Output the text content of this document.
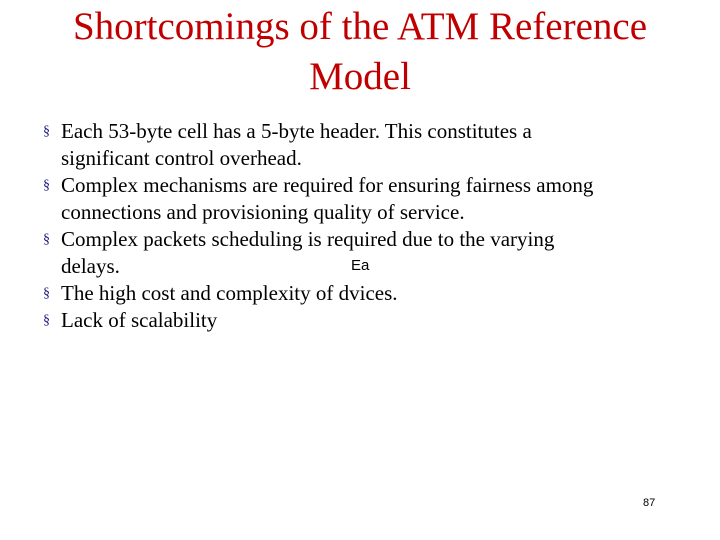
Shortcomings of the ATM Reference
Model
§ Each 53-byte cell has a 5-byte header. This constitutes a
significant control overhead.
§ Complex mechanisms are required for ensuring fairness among
connections and provisioning quality of service.
§ Complex packets scheduling is required due to the varying
delays.
§ The high cost and complexity of dvices.
§ Lack of scalability
Ea
87
